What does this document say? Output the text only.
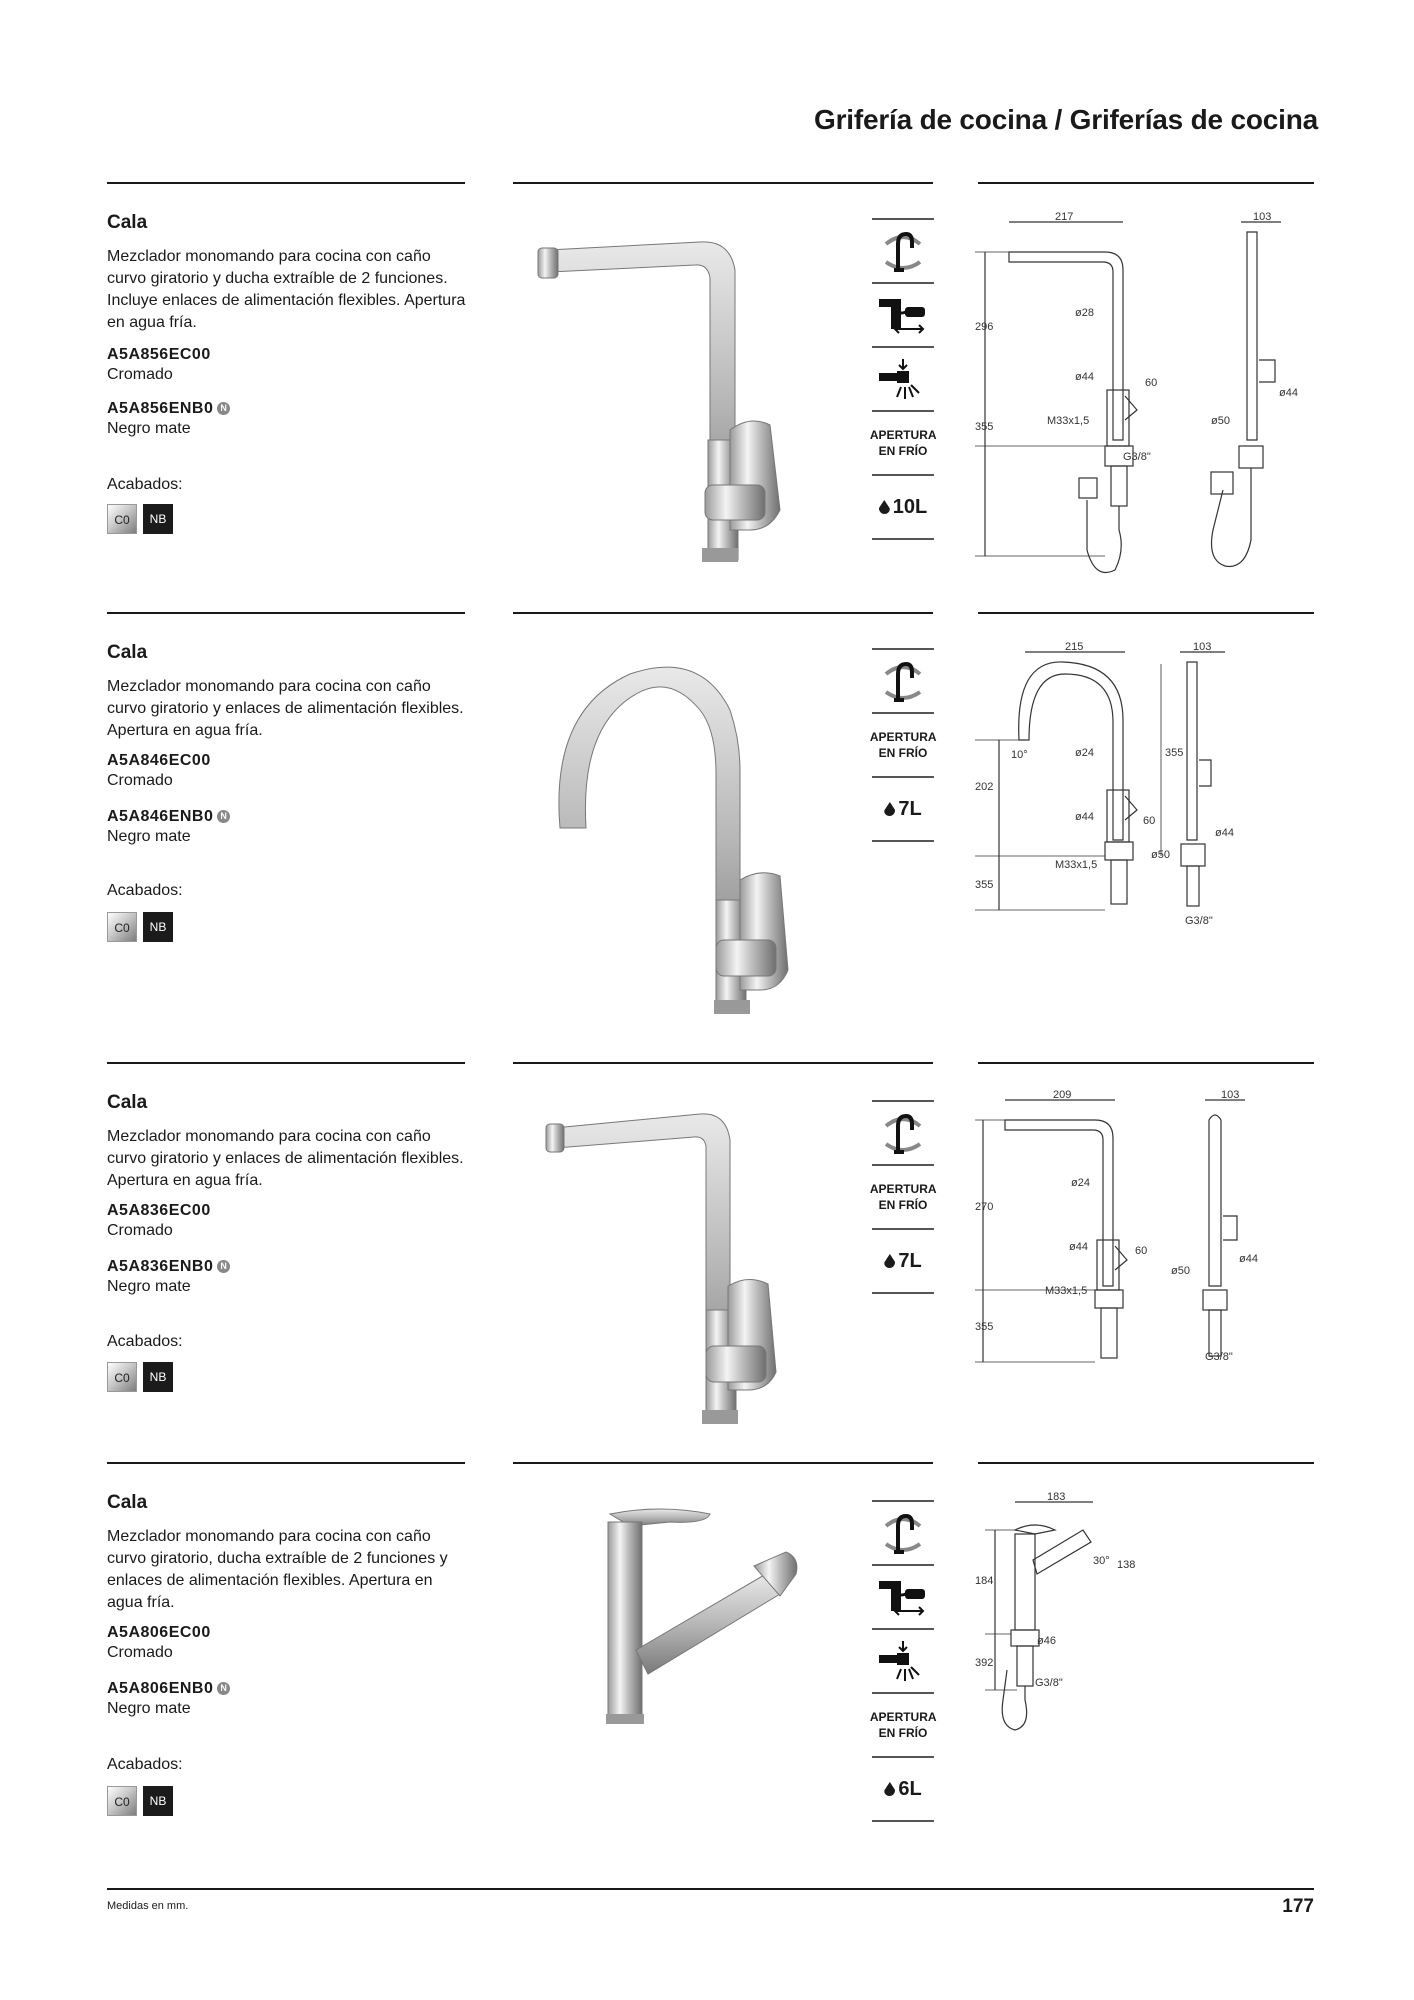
Grifería de cocina / Griferías de cocina
Cala
Mezclador monomando para cocina con caño curvo giratorio y ducha extraíble de 2 funciones. Incluye enlaces de alimentación flexibles. Apertura en agua fría.
A5A856EC00
Cromado
A5A856ENB0 N
Negro mate
Acabados:
C0	NB
APERTURA EN FRÍO
10L
217	103
296
355
ø28
ø44	60
M33x1,5
G3/8"
ø50
ø44
Cala
Mezclador monomando para cocina con caño curvo giratorio y enlaces de alimentación flexibles. Apertura en agua fría.
A5A846EC00
Cromado
A5A846ENB0 N
Negro mate
Acabados:
C0	NB
APERTURA EN FRÍO
7L
215	103
202
355
ø24
ø44	60
M33x1,5
G3/8"
ø50
ø44
355
10°
Cala
Mezclador monomando para cocina con caño curvo giratorio y enlaces de alimentación flexibles. Apertura en agua fría.
A5A836EC00
Cromado
A5A836ENB0 N
Negro mate
Acabados:
C0	NB
APERTURA EN FRÍO
7L
209	103
270
355
ø24
ø44	60
M33x1,5
G3/8"
ø50
ø44
Cala
Mezclador monomando para cocina con caño curvo giratorio, ducha extraíble de 2 funciones y enlaces de alimentación flexibles. Apertura en agua fría.
A5A806EC00
Cromado
A5A806ENB0 N
Negro mate
Acabados:
C0	NB
APERTURA EN FRÍO
6L
183
184
392
30° 138
ø46
G3/8"
Medidas en mm.	177
